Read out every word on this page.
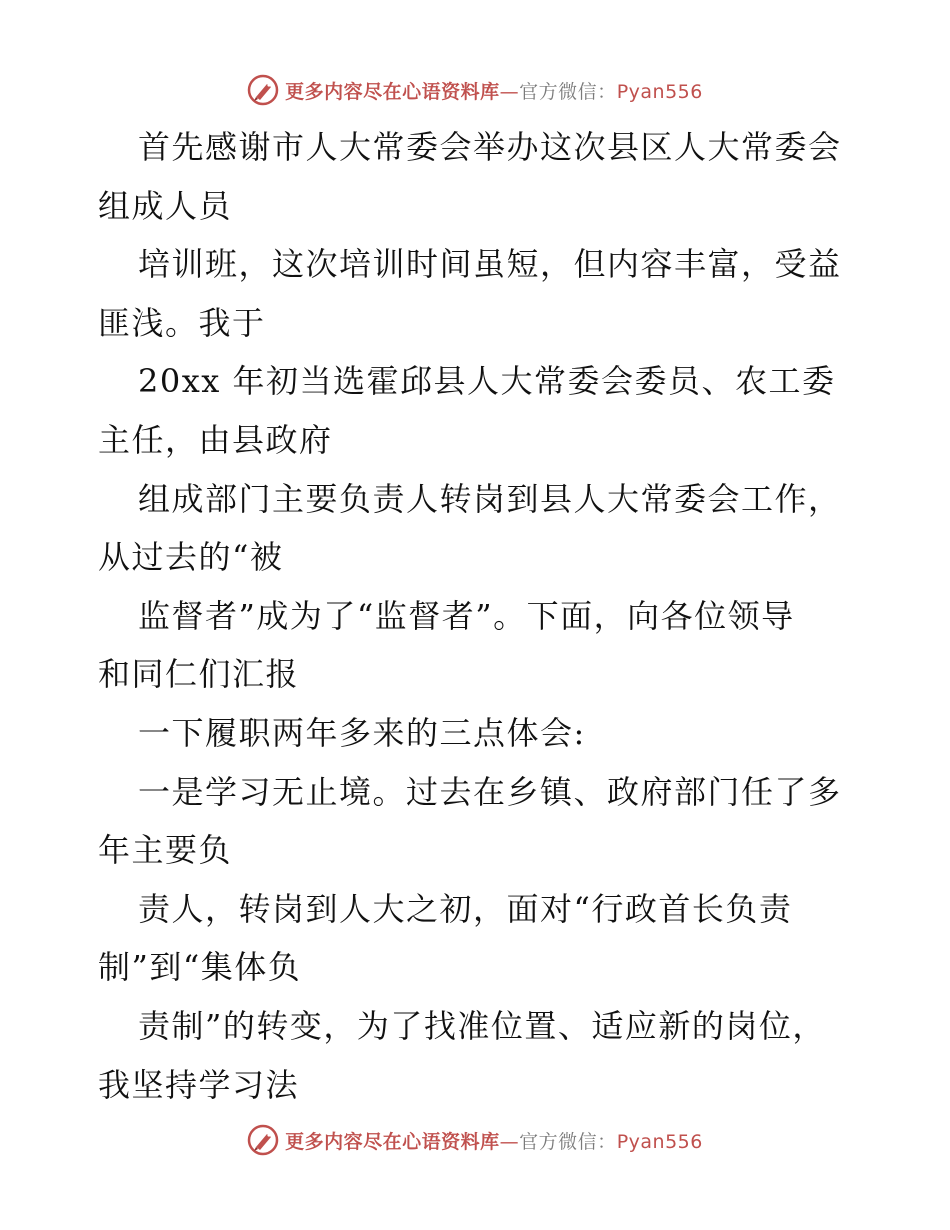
更多内容尽在心语资料库—官方微信：Pyan556
首先感谢市人大常委会举办这次县区人大常委会
组成人员
培训班，这次培训时间虽短，但内容丰富，受益
匪浅。我于
20xx 年初当选霍邱县人大常委会委员、农工委
主任，由县政府
组成部门主要负责人转岗到县人大常委会工作，
从过去的“被
监督者”成为了“监督者”。下面，向各位领导
和同仁们汇报
一下履职两年多来的三点体会:
一是学习无止境。过去在乡镇、政府部门任了多
年主要负
责人，转岗到人大之初，面对“行政首长负责
制”到“集体负
责制”的转变，为了找准位置、适应新的岗位，
我坚持学习法
更多内容尽在心语资料库—官方微信：Pyan556
